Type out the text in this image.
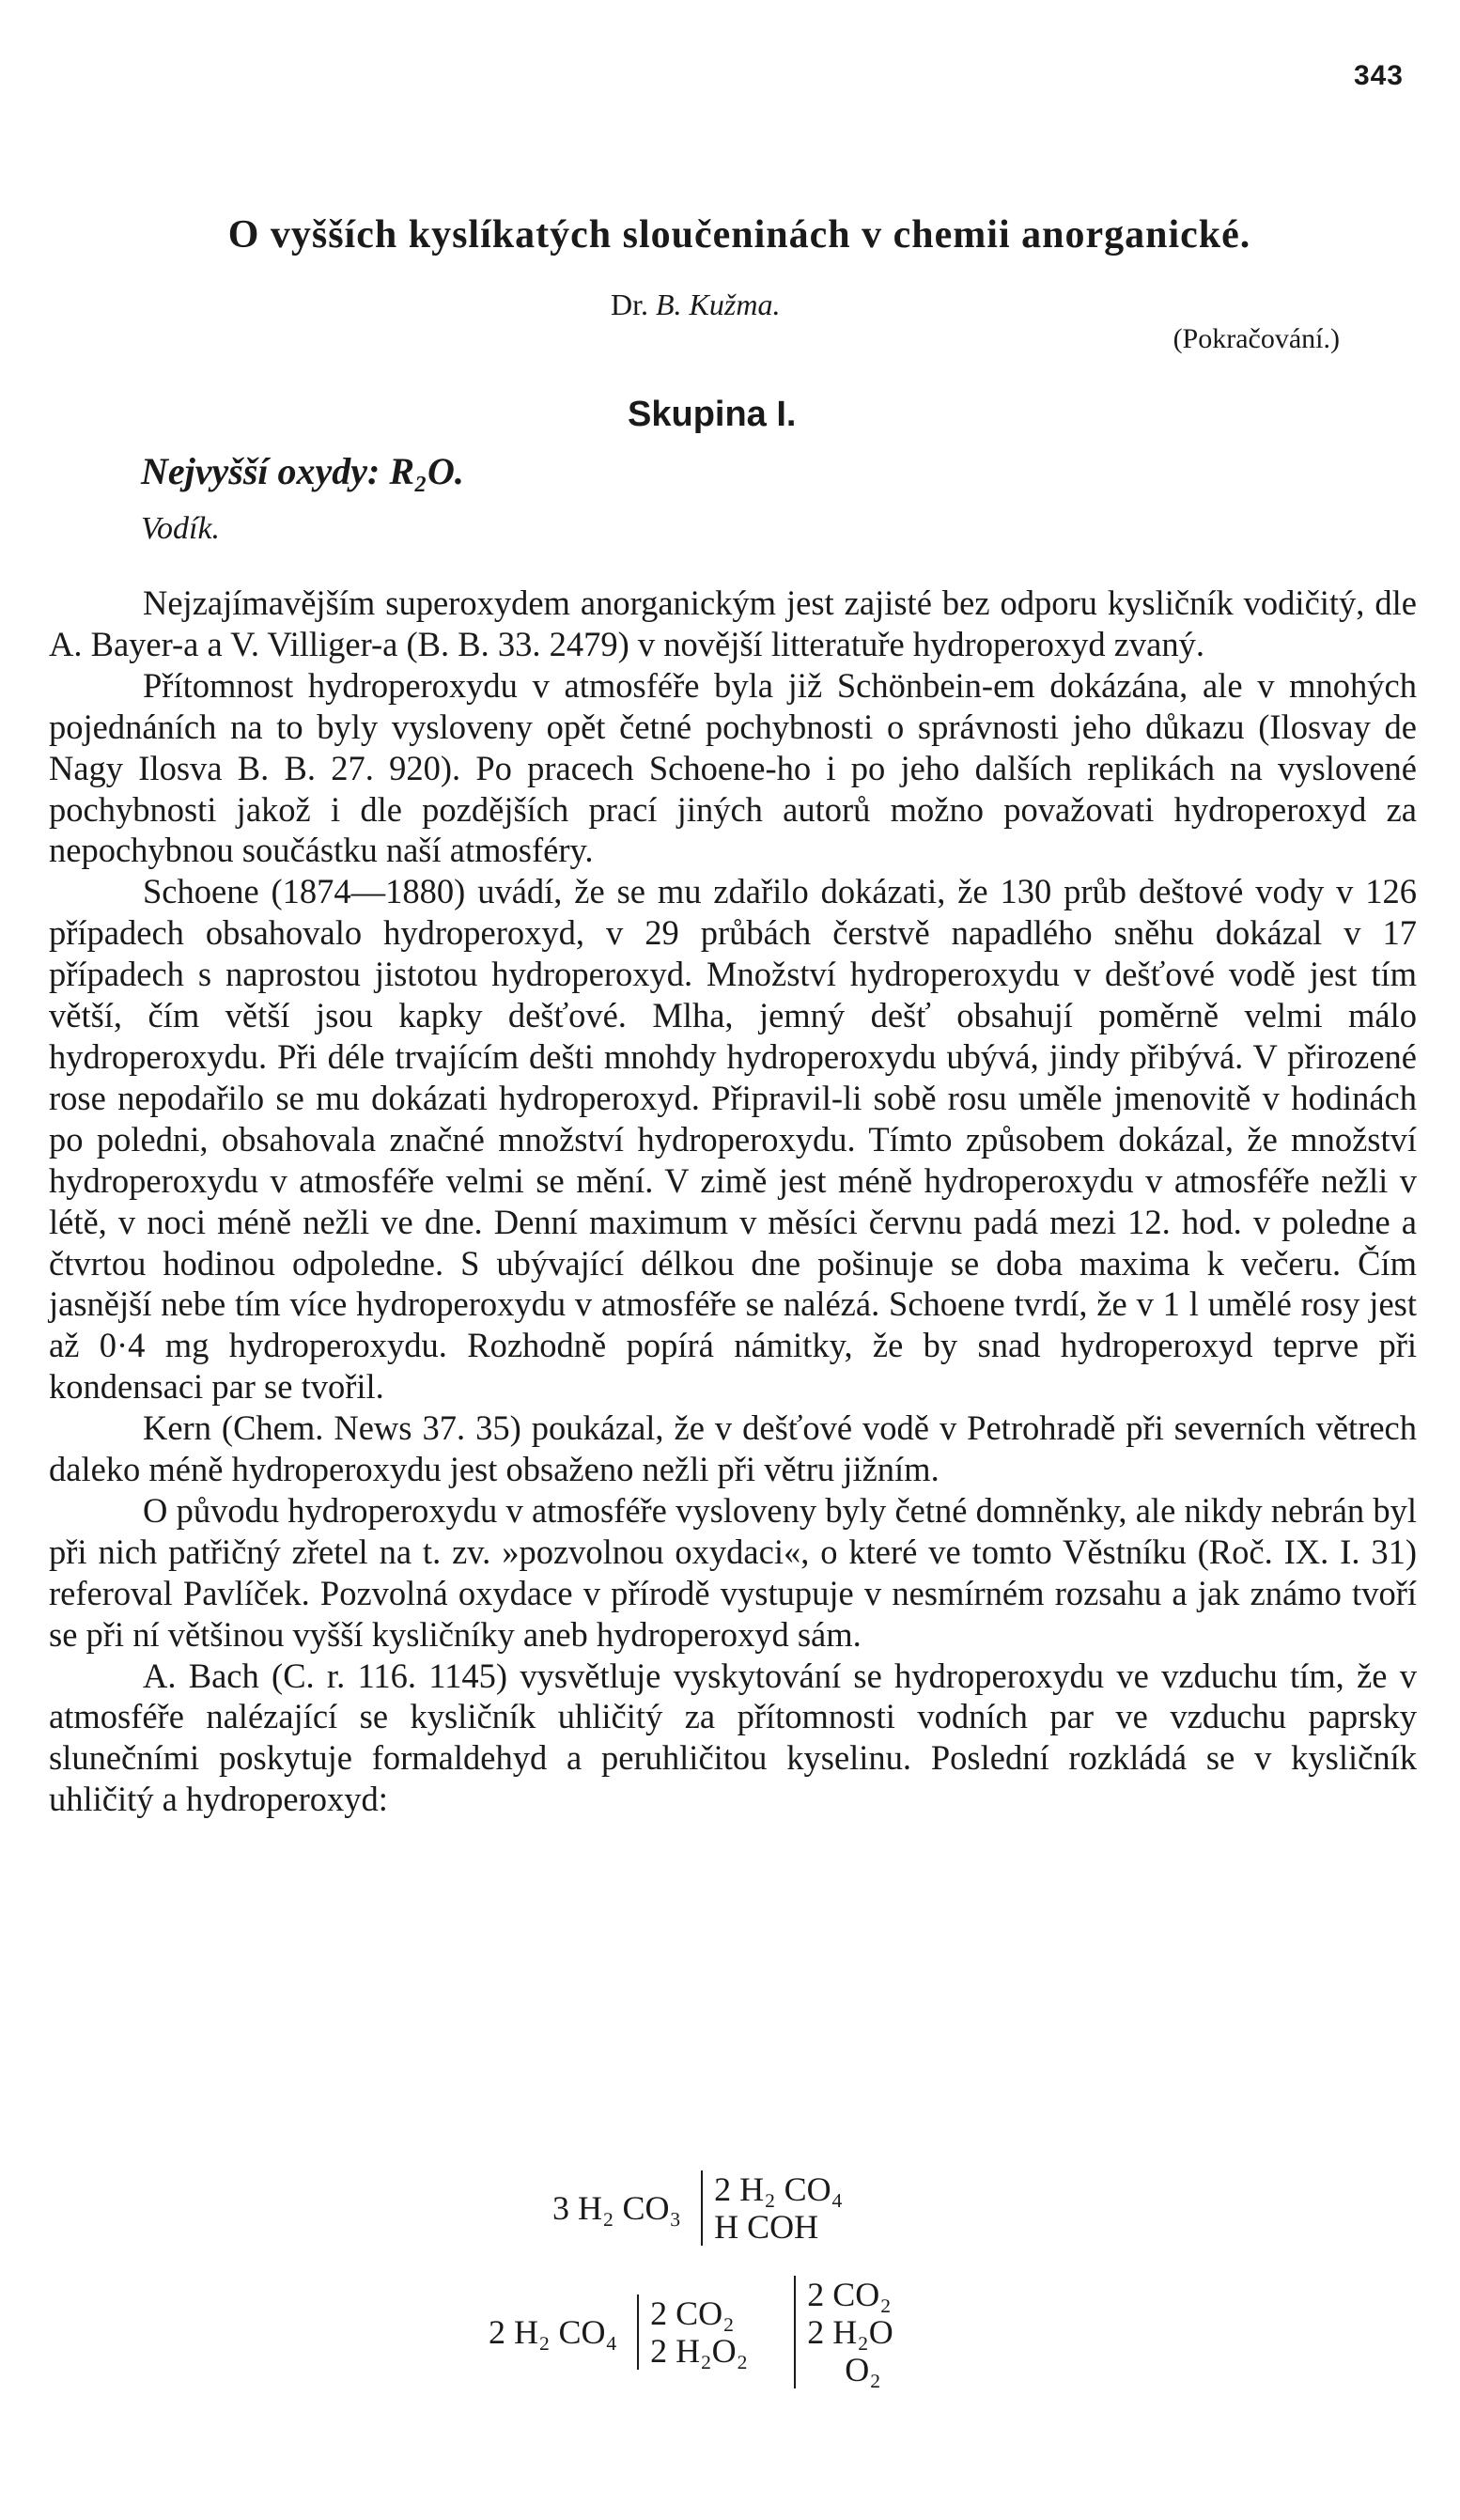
343
O vyšších kyslíkatých sloučeninách v chemii anorganické.
Dr. B. Kužma.
(Pokračování.)
Skupina I.
Nejvyšší oxydy: R₂O.
Vodík.

Nejzajímavějším superoxydem anorganickým jest zajisté bez odporu kysličník vodičitý, dle A. Bayer-a a V. Villiger-a (B. B. 33. 2479) v novější litteratuře hydroperoxyd zvaný.

Přítomnost hydroperoxydu v atmosféře byla již Schönbein-em dokázána, ale v mnohých pojednáních na to byly vysloveny opět četné pochybnosti o správnosti jeho důkazu (Ilosvay de Nagy Ilosva B. B. 27. 920). Po pracech Schoene-ho i po jeho dalších replikách na vyslovené pochybnosti jakož i dle pozdějších prací jiných autorů možno považovati hydroperoxyd za nepochybnou součástku naší atmosféry.

Schoene (1874—1880) uvádí, že se mu zdařilo dokázati, že 130 průb deštové vody v 126 případech obsahovalo hydroperoxyd, v 29 průbách čerstvě napadlého sněhu dokázal v 17 případech s naprostou jistotou hydroperoxyd. Množství hydroperoxydu v dešťové vodě jest tím větší, čím větší jsou kapky dešťové. Mlha, jemný dešť obsahují poměrně velmi málo hydroperoxydu. Při déle trvajícím dešti mnohdy hydroperoxydu ubývá, jindy přibývá. V přirozené rose nepodařilo se mu dokázati hydroperoxyd. Připravil-li sobě rosu uměle jmenovitě v hodinách po poledni, obsahovala značné množství hydroperoxydu. Tímto způsobem dokázal, že množství hydroperoxydu v atmosféře velmi se mění. V zimě jest méně hydroperoxydu v atmosféře nežli v létě, v noci méně nežli ve dne. Denní maximum v měsíci červnu padá mezi 12. hod. v poledne a čtvrtou hodinou odpoledne. S ubývající délkou dne pošinuje se doba maxima k večeru. Čím jasnější nebe tím více hydroperoxydu v atmosféře se nalézá. Schoene tvrdí, že v 1 l umělé rosy jest až 0·4 mg hydroperoxydu. Rozhodně popírá námitky, že by snad hydroperoxyd teprve při kondensaci par se tvořil.

Kern (Chem. News 37. 35) poukázal, že v dešťové vodě v Petrohradě při severních větrech daleko méně hydroperoxydu jest obsaženo nežli při větru jižním.

O původu hydroperoxydu v atmosféře vysloveny byly četné domněnky, ale nikdy nebrán byl při nich patřičný zřetel na t. zv. »pozvolnou oxydaci«, o které ve tomto Věstníku (Roč. IX. I. 31) referoval Pavlíček. Pozvolná oxydace v přírodě vystupuje v nesmírném rozsahu a jak známo tvoří se při ní většinou vyšší kysličníky aneb hydroperoxyd sám.

A. Bach (C. r. 116. 1145) vysvětluje vyskytování se hydroperoxydu ve vzduchu tím, že v atmosféře nalézající se kysličník uhličitý za přítomnosti vodních par ve vzduchu paprsky slunečními poskytuje formaldehyd a peruhličitou kyselinu. Poslední rozkládá se v kysličník uhličitý a hydroperoxyd:

3 H₂ CO₃ 2 H₂ CO₄
H COH
2 H₂ CO₄ 2 CO₂
2 H₂O₂

2 CO₂
2 H₂O
O₂
